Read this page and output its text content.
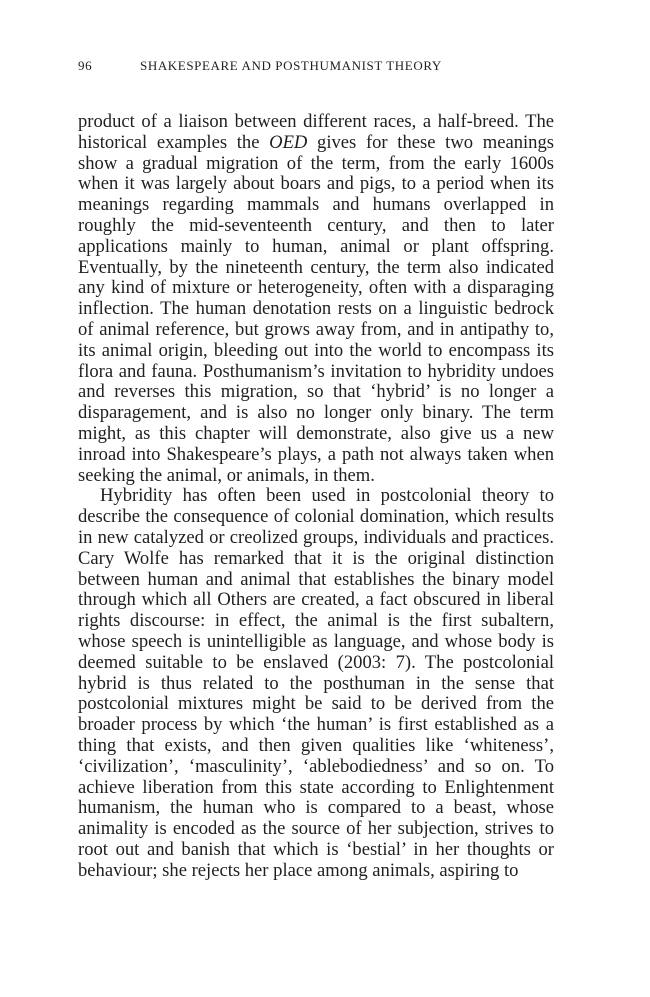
96	SHAKESPEARE AND POSTHUMANIST THEORY

product of a liaison between different races, a half-breed. The historical examples the OED gives for these two meanings show a gradual migration of the term, from the early 1600s when it was largely about boars and pigs, to a period when its meanings regarding mammals and humans overlapped in roughly the mid-seventeenth century, and then to later applications mainly to human, animal or plant offspring. Eventually, by the nineteenth century, the term also indicated any kind of mixture or heterogeneity, often with a disparaging inflection. The human denotation rests on a linguistic bedrock of animal reference, but grows away from, and in antipathy to, its animal origin, bleeding out into the world to encompass its flora and fauna. Posthumanism’s invitation to hybridity undoes and reverses this migration, so that ‘hybrid’ is no longer a disparagement, and is also no longer only binary. The term might, as this chapter will demonstrate, also give us a new inroad into Shakespeare’s plays, a path not always taken when seeking the animal, or animals, in them.

Hybridity has often been used in postcolonial theory to describe the consequence of colonial domination, which results in new catalyzed or creolized groups, individuals and practices. Cary Wolfe has remarked that it is the original distinction between human and animal that establishes the binary model through which all Others are created, a fact obscured in liberal rights discourse: in effect, the animal is the first subaltern, whose speech is unintelligible as language, and whose body is deemed suitable to be enslaved (2003: 7). The postcolonial hybrid is thus related to the posthuman in the sense that postcolonial mixtures might be said to be derived from the broader process by which ‘the human’ is first established as a thing that exists, and then given qualities like ‘whiteness’, ‘civilization’, ‘masculinity’, ‘ablebodiedness’ and so on. To achieve liberation from this state according to Enlightenment humanism, the human who is compared to a beast, whose animality is encoded as the source of her subjection, strives to root out and banish that which is ‘bestial’ in her thoughts or behaviour; she rejects her place among animals, aspiring to
